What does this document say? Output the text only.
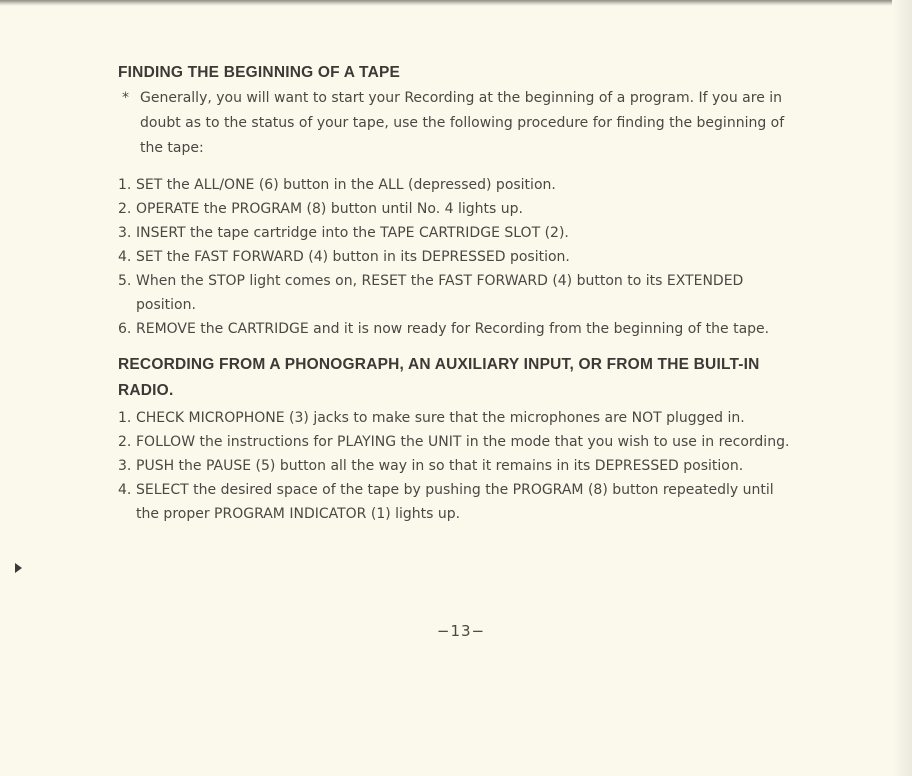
FINDING THE BEGINNING OF A TAPE

* Generally, you will want to start your Recording at the beginning of a program. If you are in doubt as to the status of your tape, use the following procedure for finding the beginning of the tape:

1. SET the ALL/ONE (6) button in the ALL (depressed) position.
2. OPERATE the PROGRAM (8) button until No. 4 lights up.
3. INSERT the tape cartridge into the TAPE CARTRIDGE SLOT (2).
4. SET the FAST FORWARD (4) button in its DEPRESSED position.
5. When the STOP light comes on, RESET the FAST FORWARD (4) button to its EXTENDED position.
6. REMOVE the CARTRIDGE and it is now ready for Recording from the beginning of the tape.
RECORDING FROM A PHONOGRAPH, AN AUXILIARY INPUT, OR FROM THE BUILT-IN RADIO.
1. CHECK MICROPHONE (3) jacks to make sure that the microphones are NOT plugged in.
2. FOLLOW the instructions for PLAYING the UNIT in the mode that you wish to use in recording.
3. PUSH the PAUSE (5) button all the way in so that it remains in its DEPRESSED position.
4. SELECT the desired space of the tape by pushing the PROGRAM (8) button repeatedly until the proper PROGRAM INDICATOR (1) lights up.
−13−
